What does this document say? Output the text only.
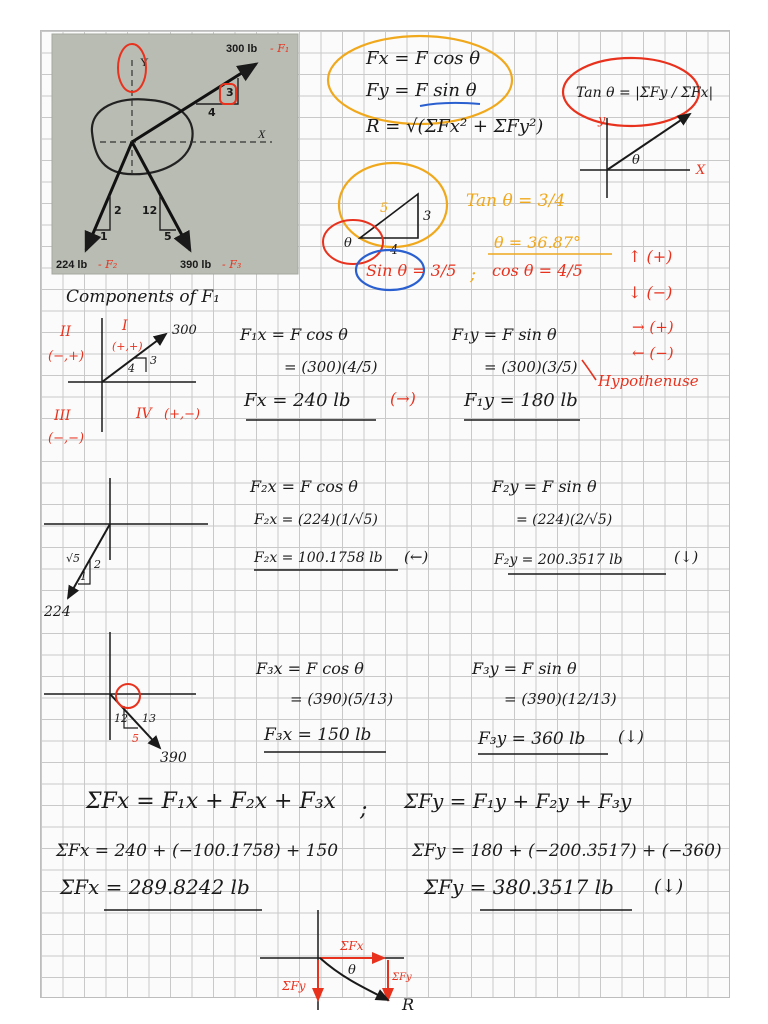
Y
X
300 lb - F₁
3
4
2
1
224 lb - F₂
12
5
390 lb - F₃
Fx = F cos θ
Fy = F sin θ
R = √(ΣFx² + ΣFy²)
Tan θ = |ΣFy / ΣFx|
y
X
θ
5
3
4
θ
Tan θ = 3/4
θ = 36.87°
Sin θ = 3/5 ; cos θ = 4/5
↑ (+)
↓ (−)
→ (+)
← (−)
Hypothenuse
Components of F₁
II
(−,+)
I
(+,+)
300
3
4
III
(−,−)
IV (+,−)
F₁x = F cos θ
= (300)(4/5)
Fx = 240 lb (→)
F₁y = F sin θ
= (300)(3/5)
F₁y = 180 lb
√5 2
1
224
F₂x = F cos θ
F₂x = (224)(1/√5)
F₂x = 100.1758 lb (←)
F₂y = F sin θ
= (224)(2/√5)
F₂y = 200.3517 lb	(↓)
12 13
5
390
F₃x = F cos θ
= (390)(5/13)
F₃x = 150 lb
F₃y = F sin θ
= (390)(12/13)
F₃y = 360 lb (↓)
ΣFx = F₁x + F₂x + F₃x ; ΣFy = F₁y + F₂y + F₃y
ΣFx = 240 + (−100.1758) + 150	ΣFy = 180 + (−200.3517) + (−360)
ΣFx = 289.8242 lb	ΣFy = 380.3517 lb (↓)
ΣFx
ΣFy
ΣFy
θ
R
